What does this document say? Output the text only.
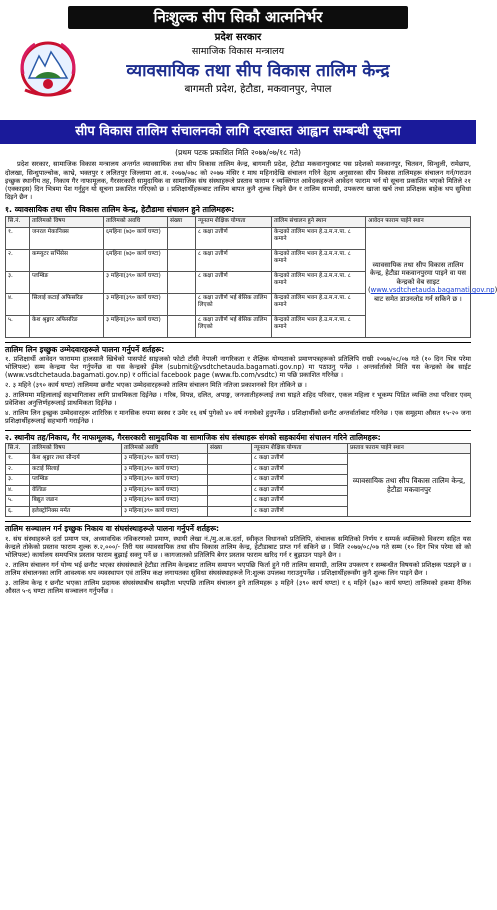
निःशुल्क सीप सिकौ आत्मनिर्भर
प्रदेश सरकार
सामाजिक विकास मन्त्रालय
व्यावसायिक तथा सीप विकास तालिम केन्द्र
बागमती प्रदेश, हेटौडा, मकवानपुर, नेपाल
सीप विकास तालिम संचालनको लागि दरखास्त आह्वान सम्बन्धी सूचना
(प्रथम पटक प्रकाशित मिति २०७७/०७/१८ गते)

प्रदेश सरकार, सामाजिक विकास मन्त्रालय अन्तर्गत व्यावसायिक तथा सीप विकास तालिम केन्द्र, बागमती प्रदेश, हेटौडा मकवानपुरबाट यस प्रदेशको मकवानपुर, चितवन, सिन्धुली, रामेछाप, दोलखा, सिन्धुपाल्चोक, काभ्रे, भक्तपुर र ललितपुर जिल्लामा आ.व. २०७७/०७८ को २०७७ मंसिर र माघ महिनादेखि संचालन गरिने देहाय अनुसारका सीप विकास तालिमहरू संचालन गर्न/गराउन इच्छुक स्थानीय तह, निकाय गैर नाफामूलक, गैरसरकारी सामुदायिक वा सामाजिक संघ संस्थाहरूले प्रस्ताव फाराम र व्यक्तिगत आवेदकहरूले आवेदन फाराम भर्न यो सूचना प्रकाशित भएको मितिले २१ (एक्काइस) दिन भित्रमा पेश गर्नुहुन यो सूचना प्रकाशित गरिएको छ । प्रशिक्षार्थीहरूबाट तालिम बापत कुनै शुल्क लिइने छैन र तालिम सामाग्री, उपकरण खाजा खर्च तथा प्रशिक्षक बाहेक थप सुविधा दिइने छैन ।

१. व्यावसायिक तथा सीप विकास तालिम केन्द्र, हेटौडामा संचालन हुने तालिमहरू:
सि.नं.	तालिमको विषय	तालिमको अवधि	संख्या	न्यूनतम शैक्षिक योग्यता	तालिम संचालन हुने स्थान	आवेदन फाराम पाईने स्थान
१.	जनरल मेकानिक्स	६महिना (७३० कार्य घण्टा)		८ कक्षा उत्तीर्ण	केन्द्रको तालिम भवन हे.उ.म.न.पा. ८ कमाने	व्यावसायिक तथा सीप विकास तालिम केन्द्र, हेटौडा मकवानपुरमा पाइने वा यस केन्द्रको वेब साइट (www.vsdtchetauda.bagamati.gov.npबाट समेत डाउनलोड गर्न सकिने छ ।
२.	कम्प्युटर सर्भिसेस	६महिना (७३० कार्य घण्टा)		८ कक्षा उत्तीर्ण	केन्द्रको तालिम भवन हे.उ.म.न.पा. ८ कमाने	
३.	प्लम्बिङ	३ महिना(३९० कार्य घण्टा)		८ कक्षा उत्तीर्ण	केन्द्रको तालिम भवन हे.उ.म.न.पा. ८ कमाने	
४.	सिलाई कटाई अफिसरिङ	३ महिना(३९० कार्य घण्टा)		८ कक्षा उत्तीर्ण भई बेसिक तालिम लिएको	केन्द्रको तालिम भवन हे.उ.म.न.पा. ८ कमाने	
५.	केश श्रृङ्गार अफिसरिङ	३ महिना(३९० कार्य घण्टा)		८ कक्षा उत्तीर्ण भई बेसिक तालिम लिएको	केन्द्रको तालिम भवन हे.उ.म.न.पा. ८ कमाने	
तालिम लिन इच्छुक उम्मेदवारहरूले पालना गर्नुपर्ने शर्तहरू:
१. प्रशिक्षार्थी आवेदन फाराममा हालसालै खिचेको पासपोर्ट साइजको फोटो टाँसी नेपाली नागरिकता र शैक्षिक योग्यताको प्रमाणपत्रहरूको प्रतिलिपि राखी २०७७/०८/०७ गते (१० दिन भित्र परेमा भोलिपल्ट) सम्म केन्द्रमा पेश गर्नुपर्नेछ वा यस केन्द्रको ईमेल (submit@vsdtchetauda.bagamati.gov.np) मा पठाउनु पर्नेछ । अन्तर्वार्ताको मिति यस केन्द्रको वेब साईट (www.vsdtchetauda.bagamati.gov.np) र official facebook page (www.fb.com/vsdtc) मा पछि प्रकाशित गरिनेछ ।
२. ३ महिने (३९० कार्य घण्टा) तालिममा छनौट भएका उम्मेदवारहरूको तालिम संचालन मिति नतिजा प्रकाशनको दिन तोकिने छ ।
३. तालिममा महिलालाई सहभागिताका लागि प्राथमिकता दिईनेछ । गरिब, विपन्न, दलित, अपाङ्ग, जनजातीहरूलाई तथा घाइते शहिद परिवार, एकल महिला र भूकम्प पिडित व्यक्ति तथा परिवार एवम् प्रवेशिका अनुत्तिर्णहरूलाई प्राथमिकता दिईनेछ ।
४. तालिम लिन इच्छुक उम्मेदवारहरू शारिरिक र मानसिक रुपमा स्वस्थ र उमेर १६ वर्ष पुगेको ४० वर्ष ननाघेको हुनुपर्नेछ । प्रशिक्षार्थीको छनौट अन्तर्वार्ताबाट गरिनेछ । एक समूहमा औसत १५-२० जना प्रशिक्षार्थीहरूलाई सहभागी गराईनेछ ।
२. स्थानीय तह/निकाय, गैर नाफामूलक, गैरसरकारी सामुदायिक वा सामाजिक संघ संस्थाहरू संगको सहकार्यमा संचालन गरिने तालिमहरू:
सि.नं.	तालिमको विषय	तालिमको अवधि	संख्या	न्यूनतम शैक्षिक योग्यता	प्रस्ताव फाराम पाईने स्थान
१.	केश श्रृङ्गार तथा सौन्दर्य	३ महिना(३९० कार्य घण्टा)		८ कक्षा उत्तीर्ण	व्यावसायिक तथा सीप विकास तालिम केन्द्र, हेटौडा मकवानपुर
२.	कटाई सिलाई	३ महिना(३९० कार्य घण्टा)		८ कक्षा उत्तीर्ण	
३.	प्लम्बिङ	३ महिना(३९० कार्य घण्टा)		८ कक्षा उत्तीर्ण	
४.	वेल्डिङ	३ महिना(३९० कार्य घण्टा)		८ कक्षा उत्तीर्ण	
५.	बिद्युत जडान	३ महिना(३९० कार्य घण्टा)		८ कक्षा उत्तीर्ण	
६.	इलेक्ट्रोनिक्स मर्मत	३ महिना(३९० कार्य घण्टा)		८ कक्षा उत्तीर्ण	
तालिम सञ्चालन गर्न इच्छुक निकाय वा संघसंस्थाहरूले पालना गर्नुपर्ने शर्तहरू:
१. संघ संस्थाहरूले दर्ता प्रमाण पत्र, अध्यावधिक नविकरणको प्रमाण, स्थायी लेखा नं./मु.अ.क.दर्ता, स्वीकृत विधानको प्रतिलिपि, संचालक समितिको निर्णय र सम्पर्क व्यक्तिको विवरण सहित यस केन्द्रले तोकेको प्रस्ताव फाराम शुल्क रु.२,०००/- तिरी यस व्यावसायिक तथा सीप विकास तालिम केन्द्र, हेटौडाबाट प्राप्त गर्न सकिने छ । मिति २०७७/०८/०७ गते सम्म (१० दिन भित्र परेमा सो को भोलिपल्ट) कार्यालय समयभित्र प्रस्ताव फाराम बुझाई सक्नु पर्ने छ । कागजातको प्रतिलिपि बेगर प्रस्ताव फाराम खरिद गर्न र बुझाउन पाइने छैन ।
२. तालिम संचालन गर्न योग्य भई छनौट भएका संघसंस्थाले हेटौडा तालिम केन्द्रबाट तालिम समापन भएपछि फिर्ता हुने गरी तालिम सामाग्री, तालिम उपकरण र सम्बन्धीत विषयको प्रशिक्षक पठाइने छ । तालिम संचालनका लागि आवश्यक थप व्यवस्थापन एवं तालिम कक्ष लगायतका सुविधा संघसंस्थाहरूले नि:शुल्क उपलब्ध गराउनुपर्नेछ । प्रशिक्षार्थीहरूसँग कुनै शुल्क लिन पाइने छैन ।
३. तालिम केन्द्र र छनौट भएका तालिम प्रदायक संघसंस्थाबीच सम्झौता भएपछि तालिम संचालन हुने तालिमहरू ३ महिने (३९० कार्य घण्टा) र ६ महिने (७३० कार्य घण्टा) तालिमको हकमा दैनिक औसत ५-६ घण्टा तालिम सञ्चालन गर्नुपर्नेछ ।
